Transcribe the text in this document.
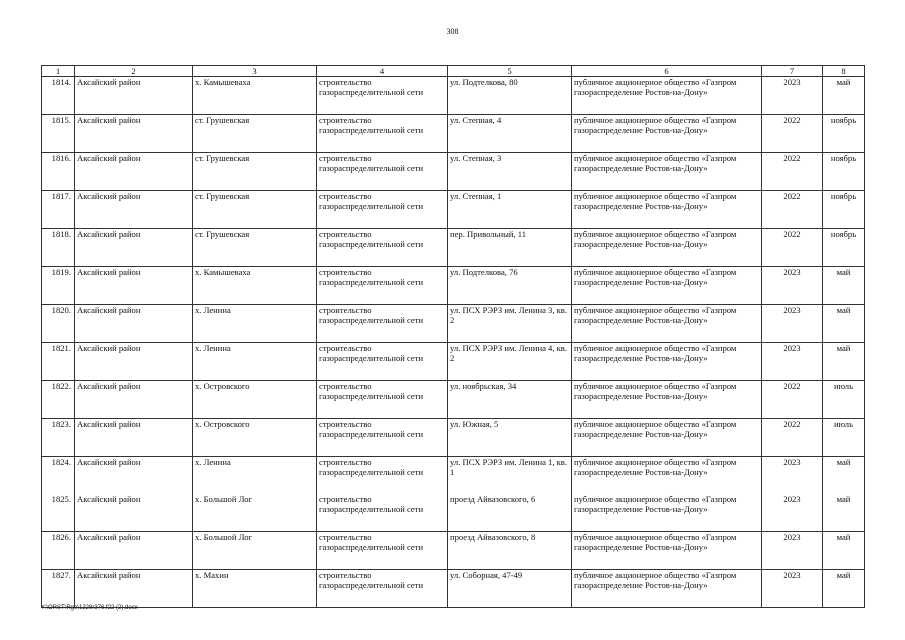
308
1	2	3	4	5	6	7	8
1814.	Аксайский район	х. Камышеваха	строительство газораспределительной сети	ул. Подтелкова, 80	публичное акционерное общество «Газпром газораспределение Ростов-на-Дону»	2023	май
1815.	Аксайский район	ст. Грушевская	строительство газораспределительной сети	ул. Степная, 4	публичное акционерное общество «Газпром газораспределение Ростов-на-Дону»	2022	ноябрь
1816.	Аксайский район	ст. Грушевская	строительство газораспределительной сети	ул. Степная, 3	публичное акционерное общество «Газпром газораспределение Ростов-на-Дону»	2022	ноябрь
1817.	Аксайский район	ст. Грушевская	строительство газораспределительной сети	ул. Степная, 1	публичное акционерное общество «Газпром газораспределение Ростов-на-Дону»	2022	ноябрь
1818.	Аксайский район	ст. Грушевская	строительство газораспределительной сети	пер. Привольный, 11	публичное акционерное общество «Газпром газораспределение Ростов-на-Дону»	2022	ноябрь
1819.	Аксайский район	х. Камышеваха	строительство газораспределительной сети	ул. Подтелкова, 76	публичное акционерное общество «Газпром газораспределение Ростов-на-Дону»	2023	май
1820.	Аксайский район	х. Ленина	строительство газораспределительной сети	ул. ПСХ РЭРЗ им. Ленина 3, кв. 2	публичное акционерное общество «Газпром газораспределение Ростов-на-Дону»	2023	май
1821.	Аксайский район	х. Ленина	строительство газораспределительной сети	ул. ПСХ РЭРЗ им. Ленина 4, кв. 2	публичное акционерное общество «Газпром газораспределение Ростов-на-Дону»	2023	май
1822.	Аксайский район	х. Островского	строительство газораспределительной сети	ул. ноябрьская, 34	публичное акционерное общество «Газпром газораспределение Ростов-на-Дону»	2022	июль
1823.	Аксайский район	х. Островского	строительство газораспределительной сети	ул. Южная, 5	публичное акционерное общество «Газпром газораспределение Ростов-на-Дону»	2022	июль
1824.	Аксайский район	х. Ленина	строительство газораспределительной сети	ул. ПСХ РЭРЗ им. Ленина 1, кв. 1	публичное акционерное общество «Газпром газораспределение Ростов-на-Дону»	2023	май
1825.	Аксайский район	х. Большой Лог	строительство газораспределительной сети	проезд Айвазовского, 6	публичное акционерное общество «Газпром газораспределение Ростов-на-Дону»	2023	май
1826.	Аксайский район	х. Большой Лог	строительство газораспределительной сети	проезд Айвазовского, 8	публичное акционерное общество «Газпром газораспределение Ростов-на-Дону»	2023	май
1827.	Аксайский район	х. Махин	строительство газораспределительной сети	ул. Соборная, 47-49	публичное акционерное общество «Газпром газораспределение Ростов-на-Дону»	2023	май
Y:\ORST\Rgo\1228r376.f22 (2).docx
